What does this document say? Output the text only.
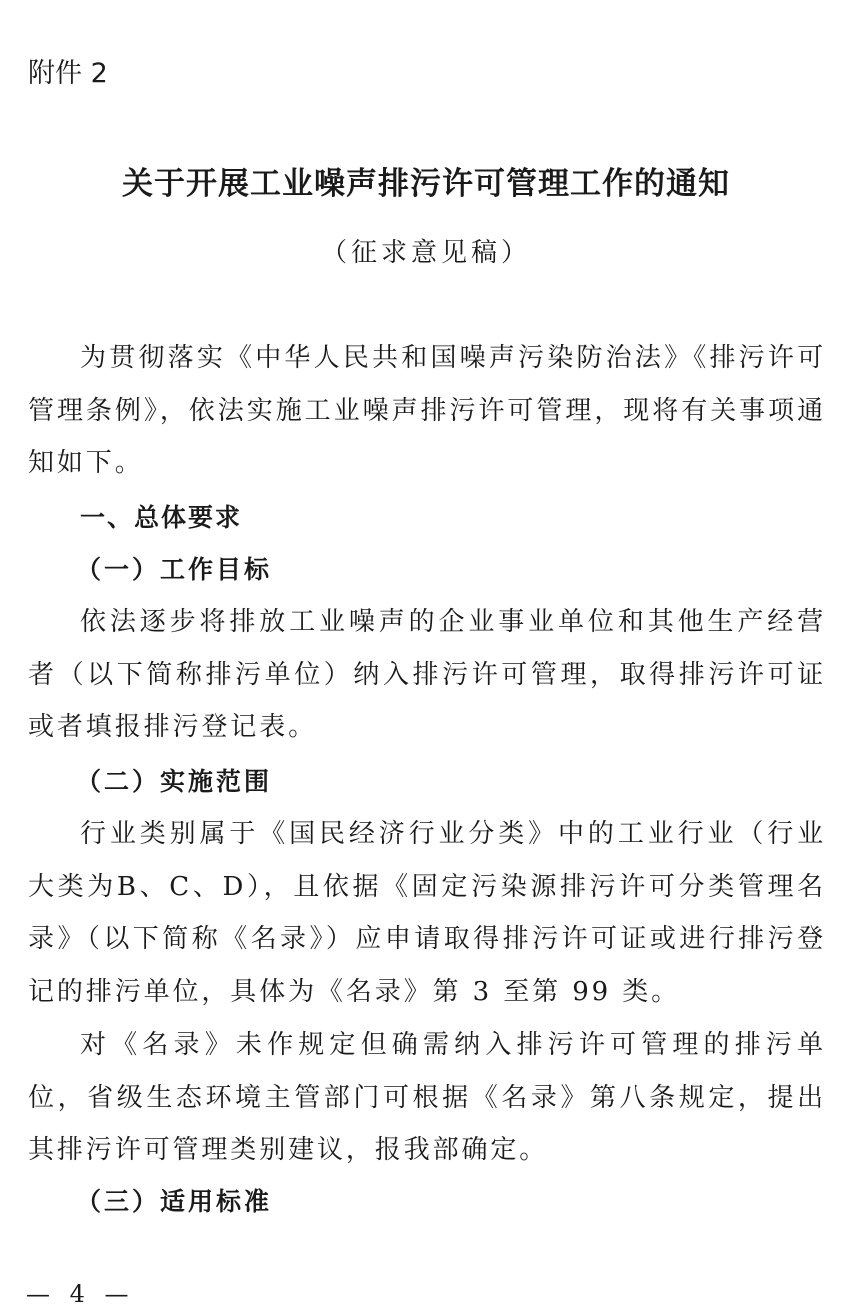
附件 2
关于开展工业噪声排污许可管理工作的通知
（征求意见稿）

为贯彻落实《中华人民共和国噪声污染防治法》《排污许可管理条例》，依法实施工业噪声排污许可管理，现将有关事项通知如下。

一、总体要求
（一）工作目标

依法逐步将排放工业噪声的企业事业单位和其他生产经营者（以下简称排污单位）纳入排污许可管理，取得排污许可证或者填报排污登记表。

（二）实施范围

行业类别属于《国民经济行业分类》中的工业行业（行业大类为B、C、D），且依据《固定污染源排污许可分类管理名录》（以下简称《名录》）应申请取得排污许可证或进行排污登记的排污单位，具体为《名录》第 3 至第 99 类。

对《名录》未作规定但确需纳入排污许可管理的排污单位，省级生态环境主管部门可根据《名录》第八条规定，提出其排污许可管理类别建议，报我部确定。

（三）适用标准
— 4 —
